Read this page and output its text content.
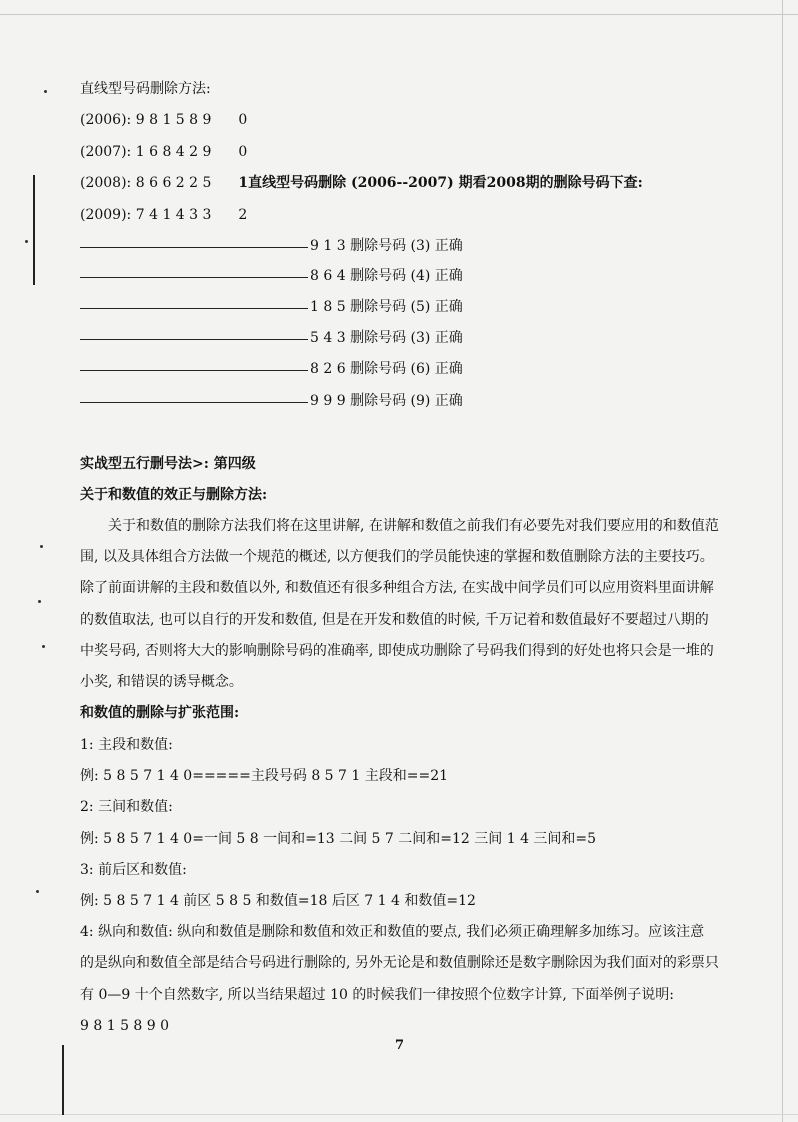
直线型号码删除方法:
(2006): 9 8 1 5 8 9 0
(2007): 1 6 8 4 2 9 0
(2008): 8 6 6 2 2 5 1直线型号码删除 (2006--2007) 期看2008期的删除号码下查:
(2009): 7 4 1 4 3 3 2
9 1 3 删除号码 (3) 正确
8 6 4 删除号码 (4) 正确
1 8 5 删除号码 (5) 正确
5 4 3 删除号码 (3) 正确
8 2 6 删除号码 (6) 正确
9 9 9 删除号码 (9) 正确
实战型五行删号法>: 第四级
关于和数值的效正与删除方法:
关于和数值的删除方法我们将在这里讲解, 在讲解和数值之前我们有必要先对我们要应用的和数值范
围, 以及具体组合方法做一个规范的概述, 以方便我们的学员能快速的掌握和数值删除方法的主要技巧。
除了前面讲解的主段和数值以外, 和数值还有很多种组合方法, 在实战中间学员们可以应用资料里面讲解
的数值取法, 也可以自行的开发和数值, 但是在开发和数值的时候, 千万记着和数值最好不要超过八期的
中奖号码, 否则将大大的影响删除号码的准确率, 即使成功删除了号码我们得到的好处也将只会是一堆的
小奖, 和错误的诱导概念。
和数值的删除与扩张范围:
1: 主段和数值:
例: 5 8 5 7 1 4 0=====主段号码 8 5 7 1 主段和==21
2: 三间和数值:
例: 5 8 5 7 1 4 0=一间 5 8 一间和=13 二间 5 7 二间和=12 三间 1 4 三间和=5
3: 前后区和数值:
例: 5 8 5 7 1 4 前区 5 8 5 和数值=18 后区 7 1 4 和数值=12
4: 纵向和数值: 纵向和数值是删除和数值和效正和数值的要点, 我们必须正确理解多加练习。应该注意
的是纵向和数值全部是结合号码进行删除的, 另外无论是和数值删除还是数字删除因为我们面对的彩票只
有 0—9 十个自然数字, 所以当结果超过 10 的时候我们一律按照个位数字计算, 下面举例子说明:
9 8 1 5 8 9 0
7
